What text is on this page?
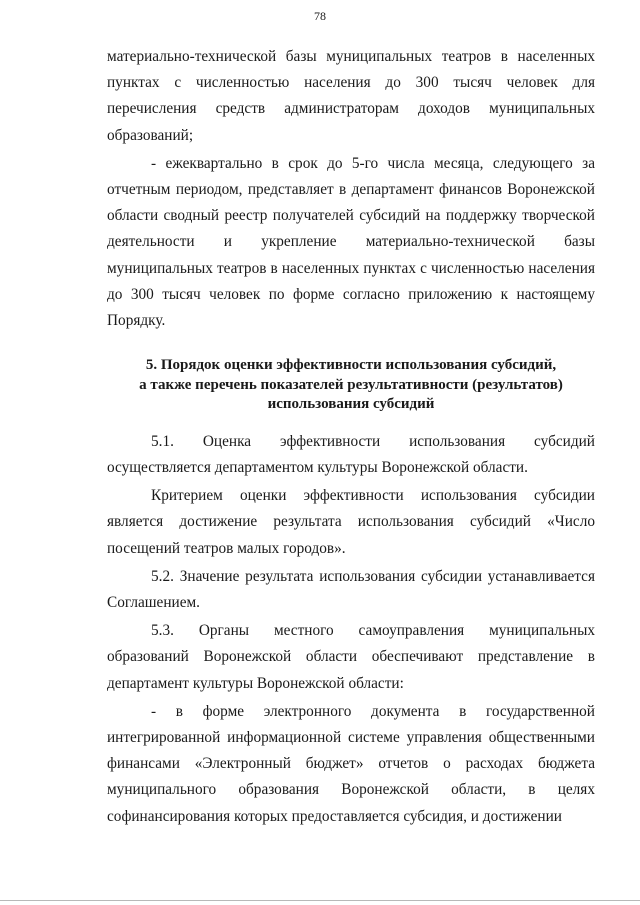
78

материально-технической базы муниципальных театров в населенных пунктах с численностью населения до 300 тысяч человек для перечисления средств администраторам доходов муниципальных образований;

- ежеквартально в срок до 5-го числа месяца, следующего за отчетным периодом, представляет в департамент финансов Воронежской области сводный реестр получателей субсидий на поддержку творческой деятельности и укрепление материально-технической базы муниципальных театров в населенных пунктах с численностью населения до 300 тысяч человек по форме согласно приложению к настоящему Порядку.

5. Порядок оценки эффективности использования субсидий,
а также перечень показателей результативности (результатов)
использования субсидий

5.1. Оценка эффективности использования субсидий осуществляется департаментом культуры Воронежской области.

Критерием оценки эффективности использования субсидии является достижение результата использования субсидий «Число посещений театров малых городов».

5.2. Значение результата использования субсидии устанавливается Соглашением.

5.3. Органы местного самоуправления муниципальных образований Воронежской области обеспечивают представление в департамент культуры Воронежской области:

- в форме электронного документа в государственной интегрированной информационной системе управления общественными финансами «Электронный бюджет» отчетов о расходах бюджета муниципального образования Воронежской области, в целях софинансирования которых предоставляется субсидия, и достижении
